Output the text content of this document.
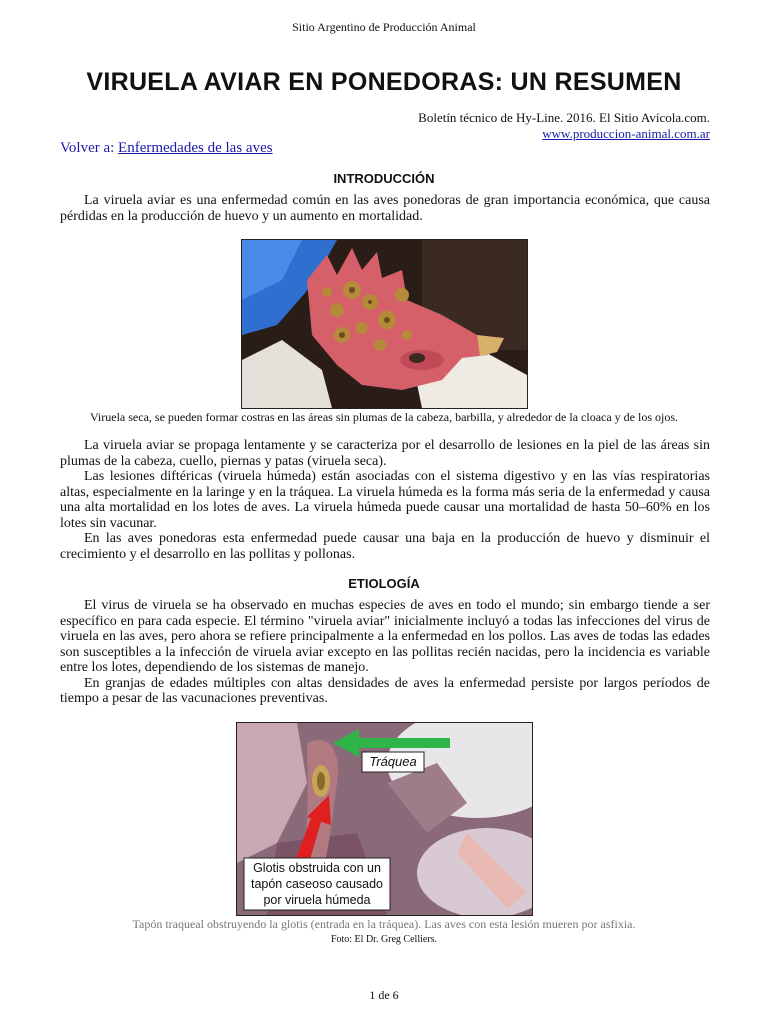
Sitio Argentino de Producción Animal
VIRUELA AVIAR EN PONEDORAS: UN RESUMEN
Boletín técnico de Hy-Line. 2016. El Sitio Avícola.com.
www.produccion-animal.com.ar
Volver a: Enfermedades de las aves
INTRODUCCIÓN

La viruela aviar es una enfermedad común en las aves ponedoras de gran importancia económica, que causa pérdidas en la producción de huevo y un aumento en mortalidad.

Viruela seca, se pueden formar costras en las áreas sin plumas de la cabeza, barbilla, y alrededor de la cloaca y de los ojos.

La viruela aviar se propaga lentamente y se caracteriza por el desarrollo de lesiones en la piel de las áreas sin plumas de la cabeza, cuello, piernas y patas (viruela seca).

Las lesiones diftéricas (viruela húmeda) están asociadas con el sistema digestivo y en las vías respiratorias altas, especialmente en la laringe y en la tráquea. La viruela húmeda es la forma más seria de la enfermedad y causa una alta mortalidad en los lotes de aves. La viruela húmeda puede causar una mortalidad de hasta 50–60% en los lotes sin vacunar.

En las aves ponedoras esta enfermedad puede causar una baja en la producción de huevo y disminuir el crecimiento y el desarrollo en las pollitas y pollonas.

ETIOLOGÍA

El virus de viruela se ha observado en muchas especies de aves en todo el mundo; sin embargo tiende a ser específico en para cada especie. El término "viruela aviar" inicialmente incluyó a todas las infecciones del virus de viruela en las aves, pero ahora se refiere principalmente a la enfermedad en los pollos. Las aves de todas las edades son susceptibles a la infección de viruela aviar excepto en las pollitas recién nacidas, pero la incidencia es variable entre los lotes, dependiendo de los sistemas de manejo.

En granjas de edades múltiples con altas densidades de aves la enfermedad persiste por largos períodos de tiempo a pesar de las vacunaciones preventivas.

Tráquea
Glotis obstruida con un
tapón caseoso causado
por viruela húmeda
Tapón traqueal obstruyendo la glotis (entrada en la tráquea). Las aves con esta lesión mueren por asfixia.
Foto: El Dr. Greg Celliers.
1 de 6
